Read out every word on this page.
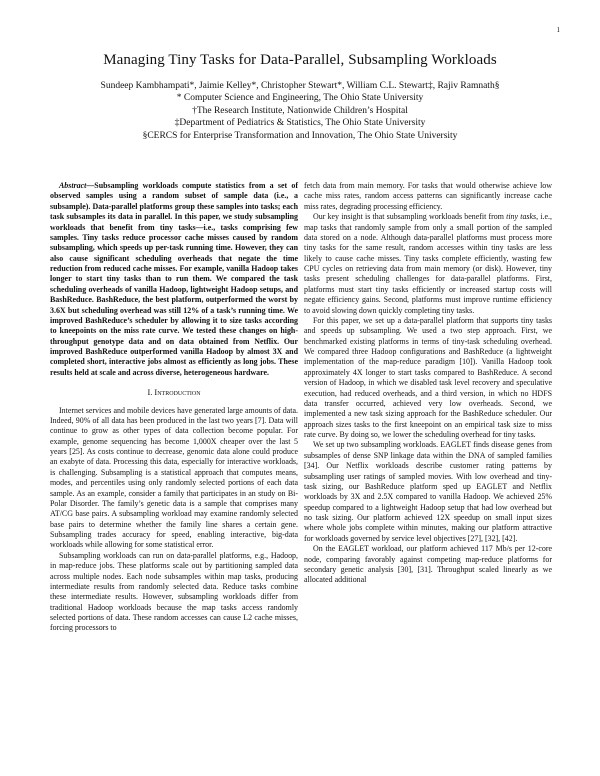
1
Managing Tiny Tasks for Data-Parallel, Subsampling Workloads
Sundeep Kambhampati*, Jaimie Kelley*, Christopher Stewart*, William C.L. Stewart‡, Rajiv Ramnath§
* Computer Science and Engineering, The Ohio State University
†The Research Institute, Nationwide Children’s Hospital
‡Department of Pediatrics & Statistics, The Ohio State University
§CERCS for Enterprise Transformation and Innovation, The Ohio State University

Abstract—Subsampling workloads compute statistics from a set of observed samples using a random subset of sample data (i.e., a subsample). Data-parallel platforms group these samples into tasks; each task subsamples its data in parallel. In this paper, we study subsampling workloads that benefit from tiny tasks—i.e., tasks comprising few samples. Tiny tasks reduce processor cache misses caused by random subsampling, which speeds up per-task running time. However, they can also cause significant scheduling overheads that negate the time reduction from reduced cache misses. For example, vanilla Hadoop takes longer to start tiny tasks than to run them. We compared the task scheduling overheads of vanilla Hadoop, lightweight Hadoop setups, and BashReduce. BashReduce, the best platform, outperformed the worst by 3.6X but scheduling overhead was still 12% of a task’s running time. We improved BashReduce’s scheduler by allowing it to size tasks according to kneepoints on the miss rate curve. We tested these changes on high-throughput genotype data and on data obtained from Netflix. Our improved BashReduce outperformed vanilla Hadoop by almost 3X and completed short, interactive jobs almost as efficiently as long jobs. These results held at scale and across diverse, heterogeneous hardware.

I. Introduction

Internet services and mobile devices have generated large amounts of data. Indeed, 90% of all data has been produced in the last two years [7]. Data will continue to grow as other types of data collection become popular. For example, genome sequencing has become 1,000X cheaper over the last 5 years [25]. As costs continue to decrease, genomic data alone could produce an exabyte of data. Processing this data, especially for interactive workloads, is challenging. Subsampling is a statistical approach that computes means, modes, and percentiles using only randomly selected portions of each data sample. As an example, consider a family that participates in an study on Bi-Polar Disorder. The family’s genetic data is a sample that comprises many AT/CG base pairs. A subsampling workload may examine randomly selected base pairs to determine whether the family line shares a certain gene. Subsampling trades accuracy for speed, enabling interactive, big-data workloads while allowing for some statistical error.

Subsampling workloads can run on data-parallel platforms, e.g., Hadoop, in map-reduce jobs. These platforms scale out by partitioning sampled data across multiple nodes. Each node subsamples within map tasks, producing intermediate results from randomly selected data. Reduce tasks combine these intermediate results. However, subsampling workloads differ from traditional Hadoop workloads because the map tasks access randomly selected portions of data. These random accesses can cause L2 cache misses, forcing processors to

fetch data from main memory. For tasks that would otherwise achieve low cache miss rates, random access patterns can significantly increase cache miss rates, degrading processing efficiency.

Our key insight is that subsampling workloads benefit from tiny tasks, i.e., map tasks that randomly sample from only a small portion of the sampled data stored on a node. Although data-parallel platforms must process more tiny tasks for the same result, random accesses within tiny tasks are less likely to cause cache misses. Tiny tasks complete efficiently, wasting few CPU cycles on retrieving data from main memory (or disk). However, tiny tasks present scheduling challenges for data-parallel platforms. First, platforms must start tiny tasks efficiently or increased startup costs will negate efficiency gains. Second, platforms must improve runtime efficiency to avoid slowing down quickly completing tiny tasks.

For this paper, we set up a data-parallel platform that supports tiny tasks and speeds up subsampling. We used a two step approach. First, we benchmarked existing platforms in terms of tiny-task scheduling overhead. We compared three Hadoop configurations and BashReduce (a lightweight implementation of the map-reduce paradigm [10]). Vanilla Hadoop took approximately 4X longer to start tasks compared to BashReduce. A second version of Hadoop, in which we disabled task level recovery and speculative execution, had reduced overheads, and a third version, in which no HDFS data transfer occurred, achieved very low overheads. Second, we implemented a new task sizing approach for the BashReduce scheduler. Our approach sizes tasks to the first kneepoint on an empirical task size to miss rate curve. By doing so, we lower the scheduling overhead for tiny tasks.

We set up two subsampling workloads. EAGLET finds disease genes from subsamples of dense SNP linkage data within the DNA of sampled families [34]. Our Netflix workloads describe customer rating patterns by subsampling user ratings of sampled movies. With low overhead and tiny-task sizing, our BashReduce platform sped up EAGLET and Netflix workloads by 3X and 2.5X compared to vanilla Hadoop. We achieved 25% speedup compared to a lightweight Hadoop setup that had low overhead but no task sizing. Our platform achieved 12X speedup on small input sizes where whole jobs complete within minutes, making our platform attractive for workloads governed by service level objectives [27], [32], [42].

On the EAGLET workload, our platform achieved 117 Mb/s per 12-core node, comparing favorably against competing map-reduce platforms for secondary genetic analysis [30], [31]. Throughput scaled linearly as we allocated additional
